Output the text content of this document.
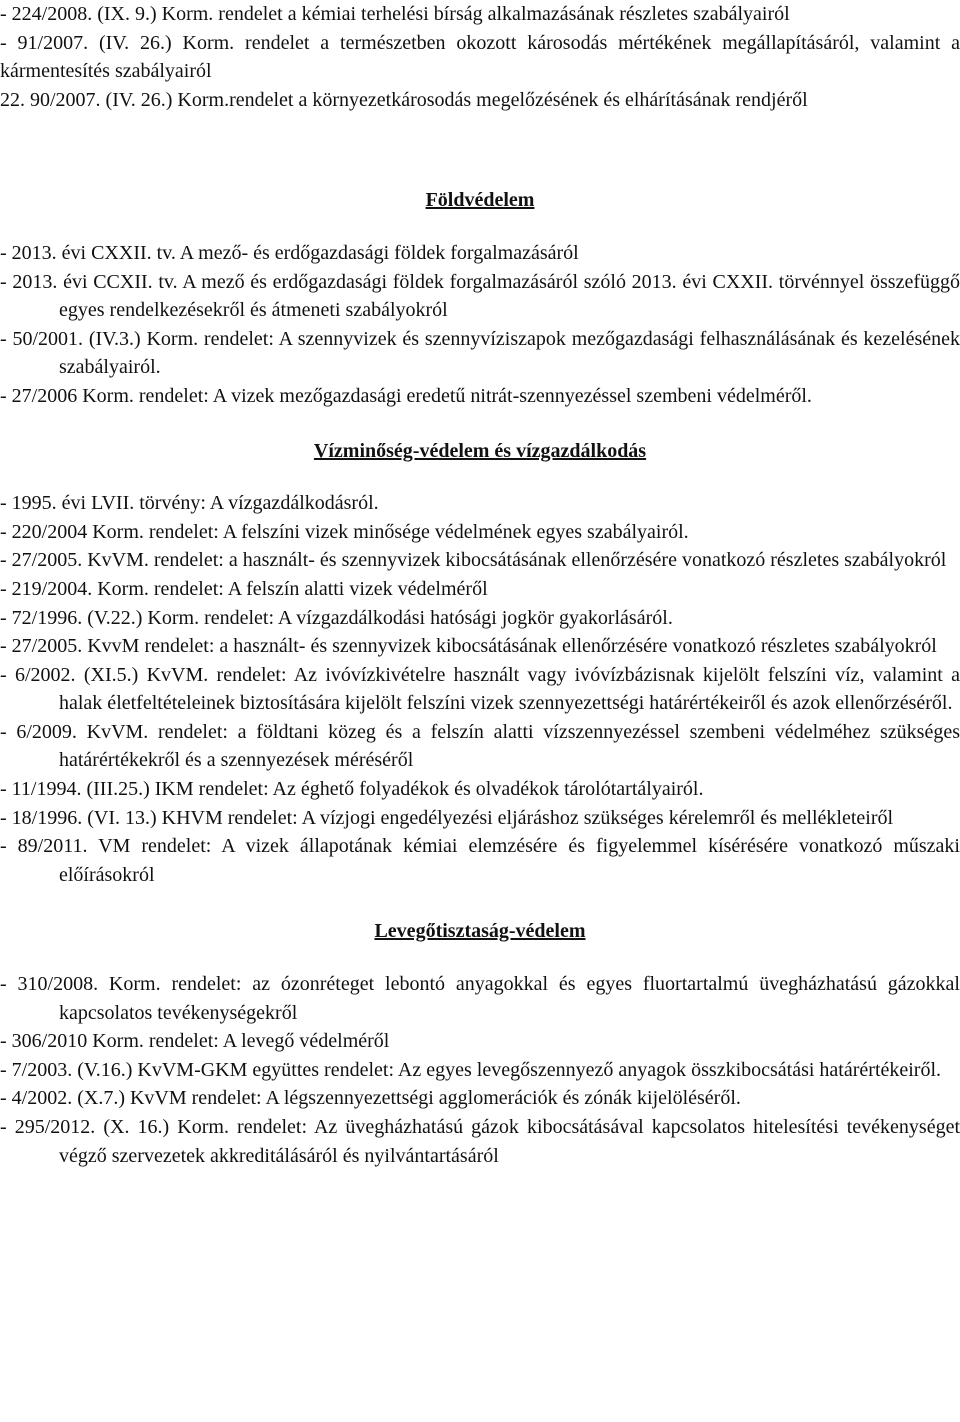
- 224/2008. (IX. 9.) Korm. rendelet a kémiai terhelési bírság alkalmazásának részletes szabályairól

- 91/2007. (IV. 26.) Korm. rendelet a természetben okozott károsodás mértékének megállapításáról, valamint a kármentesítés szabályairól

22. 90/2007. (IV. 26.) Korm.rendelet a környezetkárosodás megelőzésének és elhárításának rendjéről

Földvédelem

- 2013. évi CXXII. tv. A mező- és erdőgazdasági földek forgalmazásáról

- 2013. évi CCXII. tv. A mező és erdőgazdasági földek forgalmazásáról szóló 2013. évi CXXII. törvénnyel összefüggő egyes rendelkezésekről és átmeneti szabályokról

- 50/2001. (IV.3.) Korm. rendelet: A szennyvizek és szennyvíziszapok mezőgazdasági felhasználásának és kezelésének szabályairól.

- 27/2006 Korm. rendelet: A vizek mezőgazdasági eredetű nitrát-szennyezéssel szembeni védelméről.

Vízminőség-védelem és vízgazdálkodás

- 1995. évi LVII. törvény: A vízgazdálkodásról.

- 220/2004 Korm. rendelet: A felszíni vizek minősége védelmének egyes szabályairól.

- 27/2005. KvVM. rendelet: a használt- és szennyvizek kibocsátásának ellenőrzésére vonatkozó részletes szabályokról

- 219/2004. Korm. rendelet: A felszín alatti vizek védelméről

- 72/1996. (V.22.) Korm. rendelet: A vízgazdálkodási hatósági jogkör gyakorlásáról.

- 27/2005. KvvM rendelet: a használt- és szennyvizek kibocsátásának ellenőrzésére vonatkozó részletes szabályokról

- 6/2002. (XI.5.) KvVM. rendelet: Az ivóvízkivételre használt vagy ivóvízbázisnak kijelölt felszíni víz, valamint a halak életfeltételeinek biztosítására kijelölt felszíni vizek szennyezettségi határértékeiről és azok ellenőrzéséről.

- 6/2009. KvVM. rendelet: a földtani közeg és a felszín alatti vízszennyezéssel szembeni védelméhez szükséges határértékekről és a szennyezések méréséről

- 11/1994. (III.25.) IKM rendelet: Az éghető folyadékok és olvadékok tárolótartályairól.

- 18/1996. (VI. 13.) KHVM rendelet: A vízjogi engedélyezési eljáráshoz szükséges kérelemről és mellékleteiről

- 89/2011. VM rendelet: A vizek állapotának kémiai elemzésére és figyelemmel kísérésére vonatkozó műszaki előírásokról

Levegőtisztaság-védelem

- 310/2008. Korm. rendelet: az ózonréteget lebontó anyagokkal és egyes fluortartalmú üvegházhatású gázokkal kapcsolatos tevékenységekről

- 306/2010 Korm. rendelet: A levegő védelméről

- 7/2003. (V.16.) KvVM-GKM együttes rendelet: Az egyes levegőszennyező anyagok összkibocsátási határértékeiről.

- 4/2002. (X.7.) KvVM rendelet: A légszennyezettségi agglomerációk és zónák kijelöléséről.

- 295/2012. (X. 16.) Korm. rendelet: Az üvegházhatású gázok kibocsátásával kapcsolatos hitelesítési tevékenységet végző szervezetek akkreditálásáról és nyilvántartásáról
